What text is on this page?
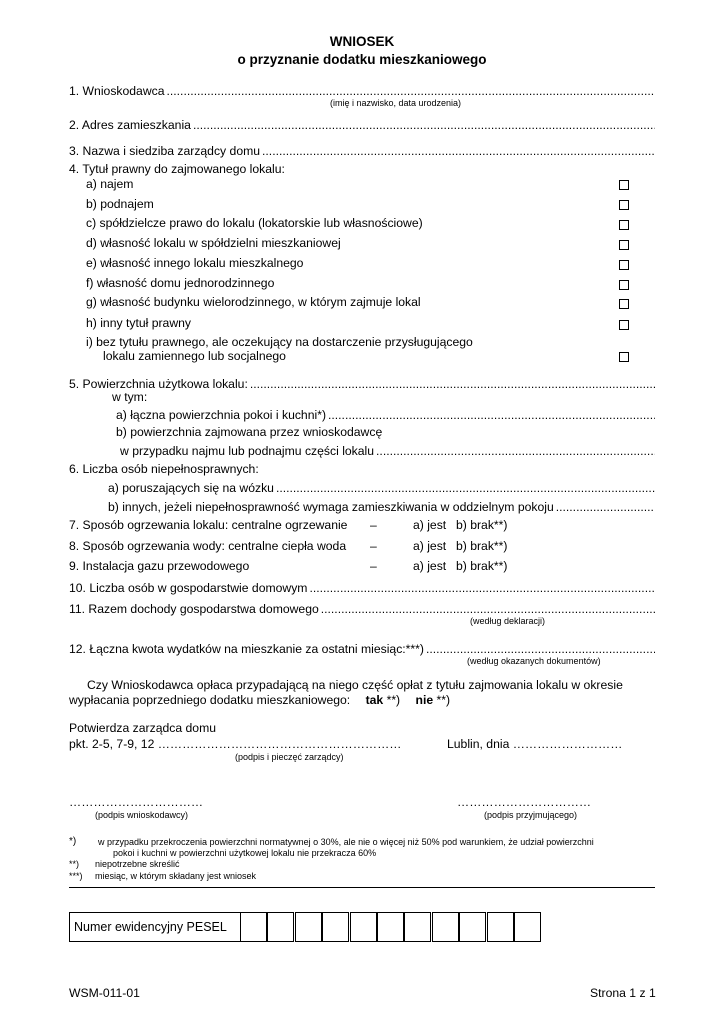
WNIOSEK
o przyznanie dodatku mieszkaniowego
1. Wnioskodawca
.....
(imię i nazwisko, data urodzenia)
2. Adres zamieszkania
.....
3. Nazwa i siedziba zarządcy domu
.....
4. Tytuł prawny do zajmowanego lokalu:
a) najem
b) podnajem
c) spółdzielcze prawo do lokalu (lokatorskie lub własnościowe)
d) własność lokalu w spółdzielni mieszkaniowej
e) własność innego lokalu mieszkalnego
f) własność domu jednorodzinnego
g) własność budynku wielorodzinnego, w którym zajmuje lokal
h) inny tytuł prawny
i) bez tytułu prawnego, ale oczekujący na dostarczenie przysługującego
lokalu zamiennego lub socjalnego
5. Powierzchnia użytkowa lokalu:
.....
w tym:
a) łączna powierzchnia pokoi i kuchni*)
.....
b) powierzchnia zajmowana przez wnioskodawcę
w przypadku najmu lub podnajmu części lokalu
.....
6. Liczba osób niepełnosprawnych:
a) poruszających się na wózku
.....
b) innych, jeżeli niepełnosprawność wymaga zamieszkiwania w oddzielnym pokoju
.....
7. Sposób ogrzewania lokalu: centralne ogrzewanie –	a) jest b) brak**)
8. Sposób ogrzewania wody: centralne ciepła woda –	a) jest b) brak**)
9. Instalacja gazu przewodowego	–	a) jest b) brak**)
10. Liczba osób w gospodarstwie domowym
.....
11. Razem dochody gospodarstwa domowego
.....
(według deklaracji)
12. Łączna kwota wydatków na mieszkanie za ostatni miesiąc:***)
.....
(według okazanych dokumentów)
Czy Wnioskodawca opłaca przypadającą na niego część opłat z tytułu zajmowania lokalu w okresie
wypłacania poprzedniego dodatku mieszkaniowego: tak **) nie **)
Potwierdza zarządca domu
pkt. 2-5, 7-9, 12 ……………………………………………………	Lublin, dnia ………………………
(podpis i pieczęć zarządcy)
……………………………
(podpis wnioskodawcy)
……………………………
(podpis przyjmującego)
*) w przypadku przekroczenia powierzchni normatywnej o 30%, ale nie o więcej niż 50% pod warunkiem, że udział powierzchni
pokoi i kuchni w powierzchni użytkowej lokalu nie przekracza 60%
**) niepotrzebne skreślić
***) miesiąc, w którym składany jest wniosek
Numer ewidencyjny PESEL
WSM-011-01	Strona 1 z 1
